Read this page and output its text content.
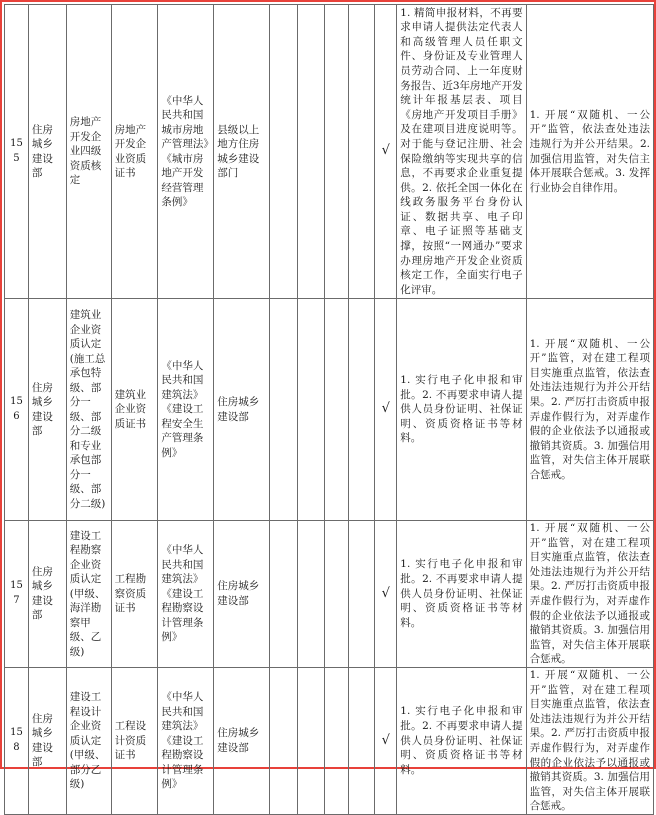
155	住房城乡建设部	房地产开发企业四级资质核定	房地产开发企业资质证书	《中华人民共和国城市房地产管理法》《城市房地产开发经营管理条例》	县级以上地方住房城乡建设部门					√	1. 精简申报材料，不再要求申请人提供法定代表人和高级管理人员任职文件、身份证及专业管理人员劳动合同、上一年度财务报告、近3年房地产开发统计年报基层表、项目《房地产开发项目手册》及在建项目进度说明等。对于能与登记注册、社会保险缴纳等实现共享的信息，不再要求企业重复提供。2. 依托全国一体化在线政务服务平台身份认证、数据共享、电子印章、电子证照等基础支撑，按照“一网通办”要求办理房地产开发企业资质核定工作，全面实行电子化评审。	1. 开展“双随机、一公开”监管，依法查处违法违规行为并公开结果。2. 加强信用监管，对失信主体开展联合惩戒。3. 发挥行业协会自律作用。
156	住房城乡建设部	建筑业企业资质认定(施工总承包特级、部分一级、部分二级和专业承包部分一级、部分二级)	建筑业企业资质证书	《中华人民共和国建筑法》《建设工程安全生产管理条例》	住房城乡建设部					√	1. 实行电子化申报和审批。2. 不再要求申请人提供人员身份证明、社保证明、资质资格证书等材料。	1. 开展“双随机、一公开”监管，对在建工程项目实施重点监管，依法查处违法违规行为并公开结果。2. 严厉打击资质申报弄虚作假行为，对弄虚作假的企业依法予以通报或撤销其资质。3. 加强信用监管，对失信主体开展联合惩戒。
157	住房城乡建设部	建设工程勘察企业资质认定(甲级、海洋勘察甲级、乙级)	工程勘察资质证书	《中华人民共和国建筑法》《建设工程勘察设计管理条例》	住房城乡建设部					√	1. 实行电子化申报和审批。2. 不再要求申请人提供人员身份证明、社保证明、资质资格证书等材料。	1. 开展“双随机、一公开”监管，对在建工程项目实施重点监管，依法查处违法违规行为并公开结果。2. 严厉打击资质申报弄虚作假行为，对弄虚作假的企业依法予以通报或撤销其资质。3. 加强信用监管，对失信主体开展联合惩戒。
158	住房城乡建设部	建设工程设计企业资质认定(甲级、部分乙级)	工程设计资质证书	《中华人民共和国建筑法》《建设工程勘察设计管理条例》	住房城乡建设部					√	1. 实行电子化申报和审批。2. 不再要求申请人提供人员身份证明、社保证明、资质资格证书等材料。	1. 开展“双随机、一公开”监管，对在建工程项目实施重点监管，依法查处违法违规行为并公开结果。2. 严厉打击资质申报弄虚作假行为，对弄虚作假的企业依法予以通报或撤销其资质。3. 加强信用监管，对失信主体开展联合惩戒。
